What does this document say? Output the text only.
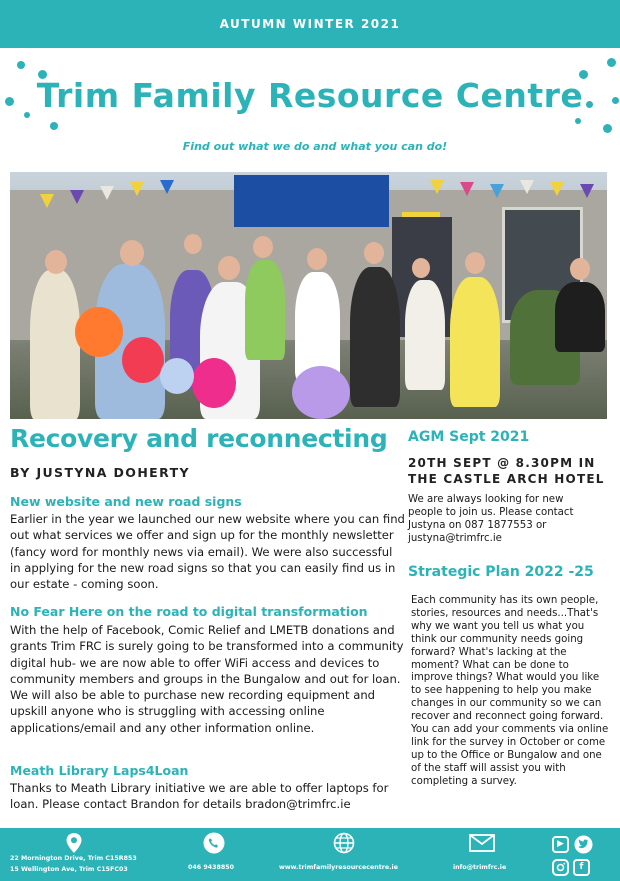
AUTUMN WINTER 2021
Trim Family Resource Centre
Find out what we do and what you can do!
Recovery and reconnecting
BY JUSTYNA DOHERTY
New website and new road signs
Earlier in the year we launched our new website where you can find out what services we offer and sign up for the monthly newsletter (fancy word for monthly news via email). We were also successful in applying for the new road signs so that you can easily find us in our estate - coming soon.
No Fear Here on the road to digital transformation
With the help of Facebook, Comic Relief and LMETB donations and grants Trim FRC is surely going to be transformed into a community digital hub- we are now able to offer WiFi access and devices to community members and groups in the Bungalow and out for loan. We will also be able to purchase new recording equipment and upskill anyone who is struggling with accessing online applications/email and any other information online.
Meath Library Laps4Loan
Thanks to Meath Library initiative we are able to offer laptops for loan. Please contact Brandon for details bradon@trimfrc.ie
AGM Sept 2021
20TH SEPT @ 8.30PM IN THE CASTLE ARCH HOTEL
We are always looking for new people to join us. Please contact Justyna on 087 1877553 or justyna@trimfrc.ie
Strategic Plan 2022 -25
Each community has its own people, stories, resources and needs...That's why we want you tell us what you think our community needs going forward? What's lacking at the moment? What can be done to improve things? What would you like to see happening to help you make changes in our community so we can recover and reconnect going forward. You can add your comments via online link for the survey in October or come up to the Office or Bungalow and one of the staff will assist you with completing a survey.
22 Mornington Drive, Trim C15R853
15 Wellington Ave, Trim C15FC03	046 9438850	www.trimfamilyresourcecentre.ie	info@trimfrc.ie
▶
f
